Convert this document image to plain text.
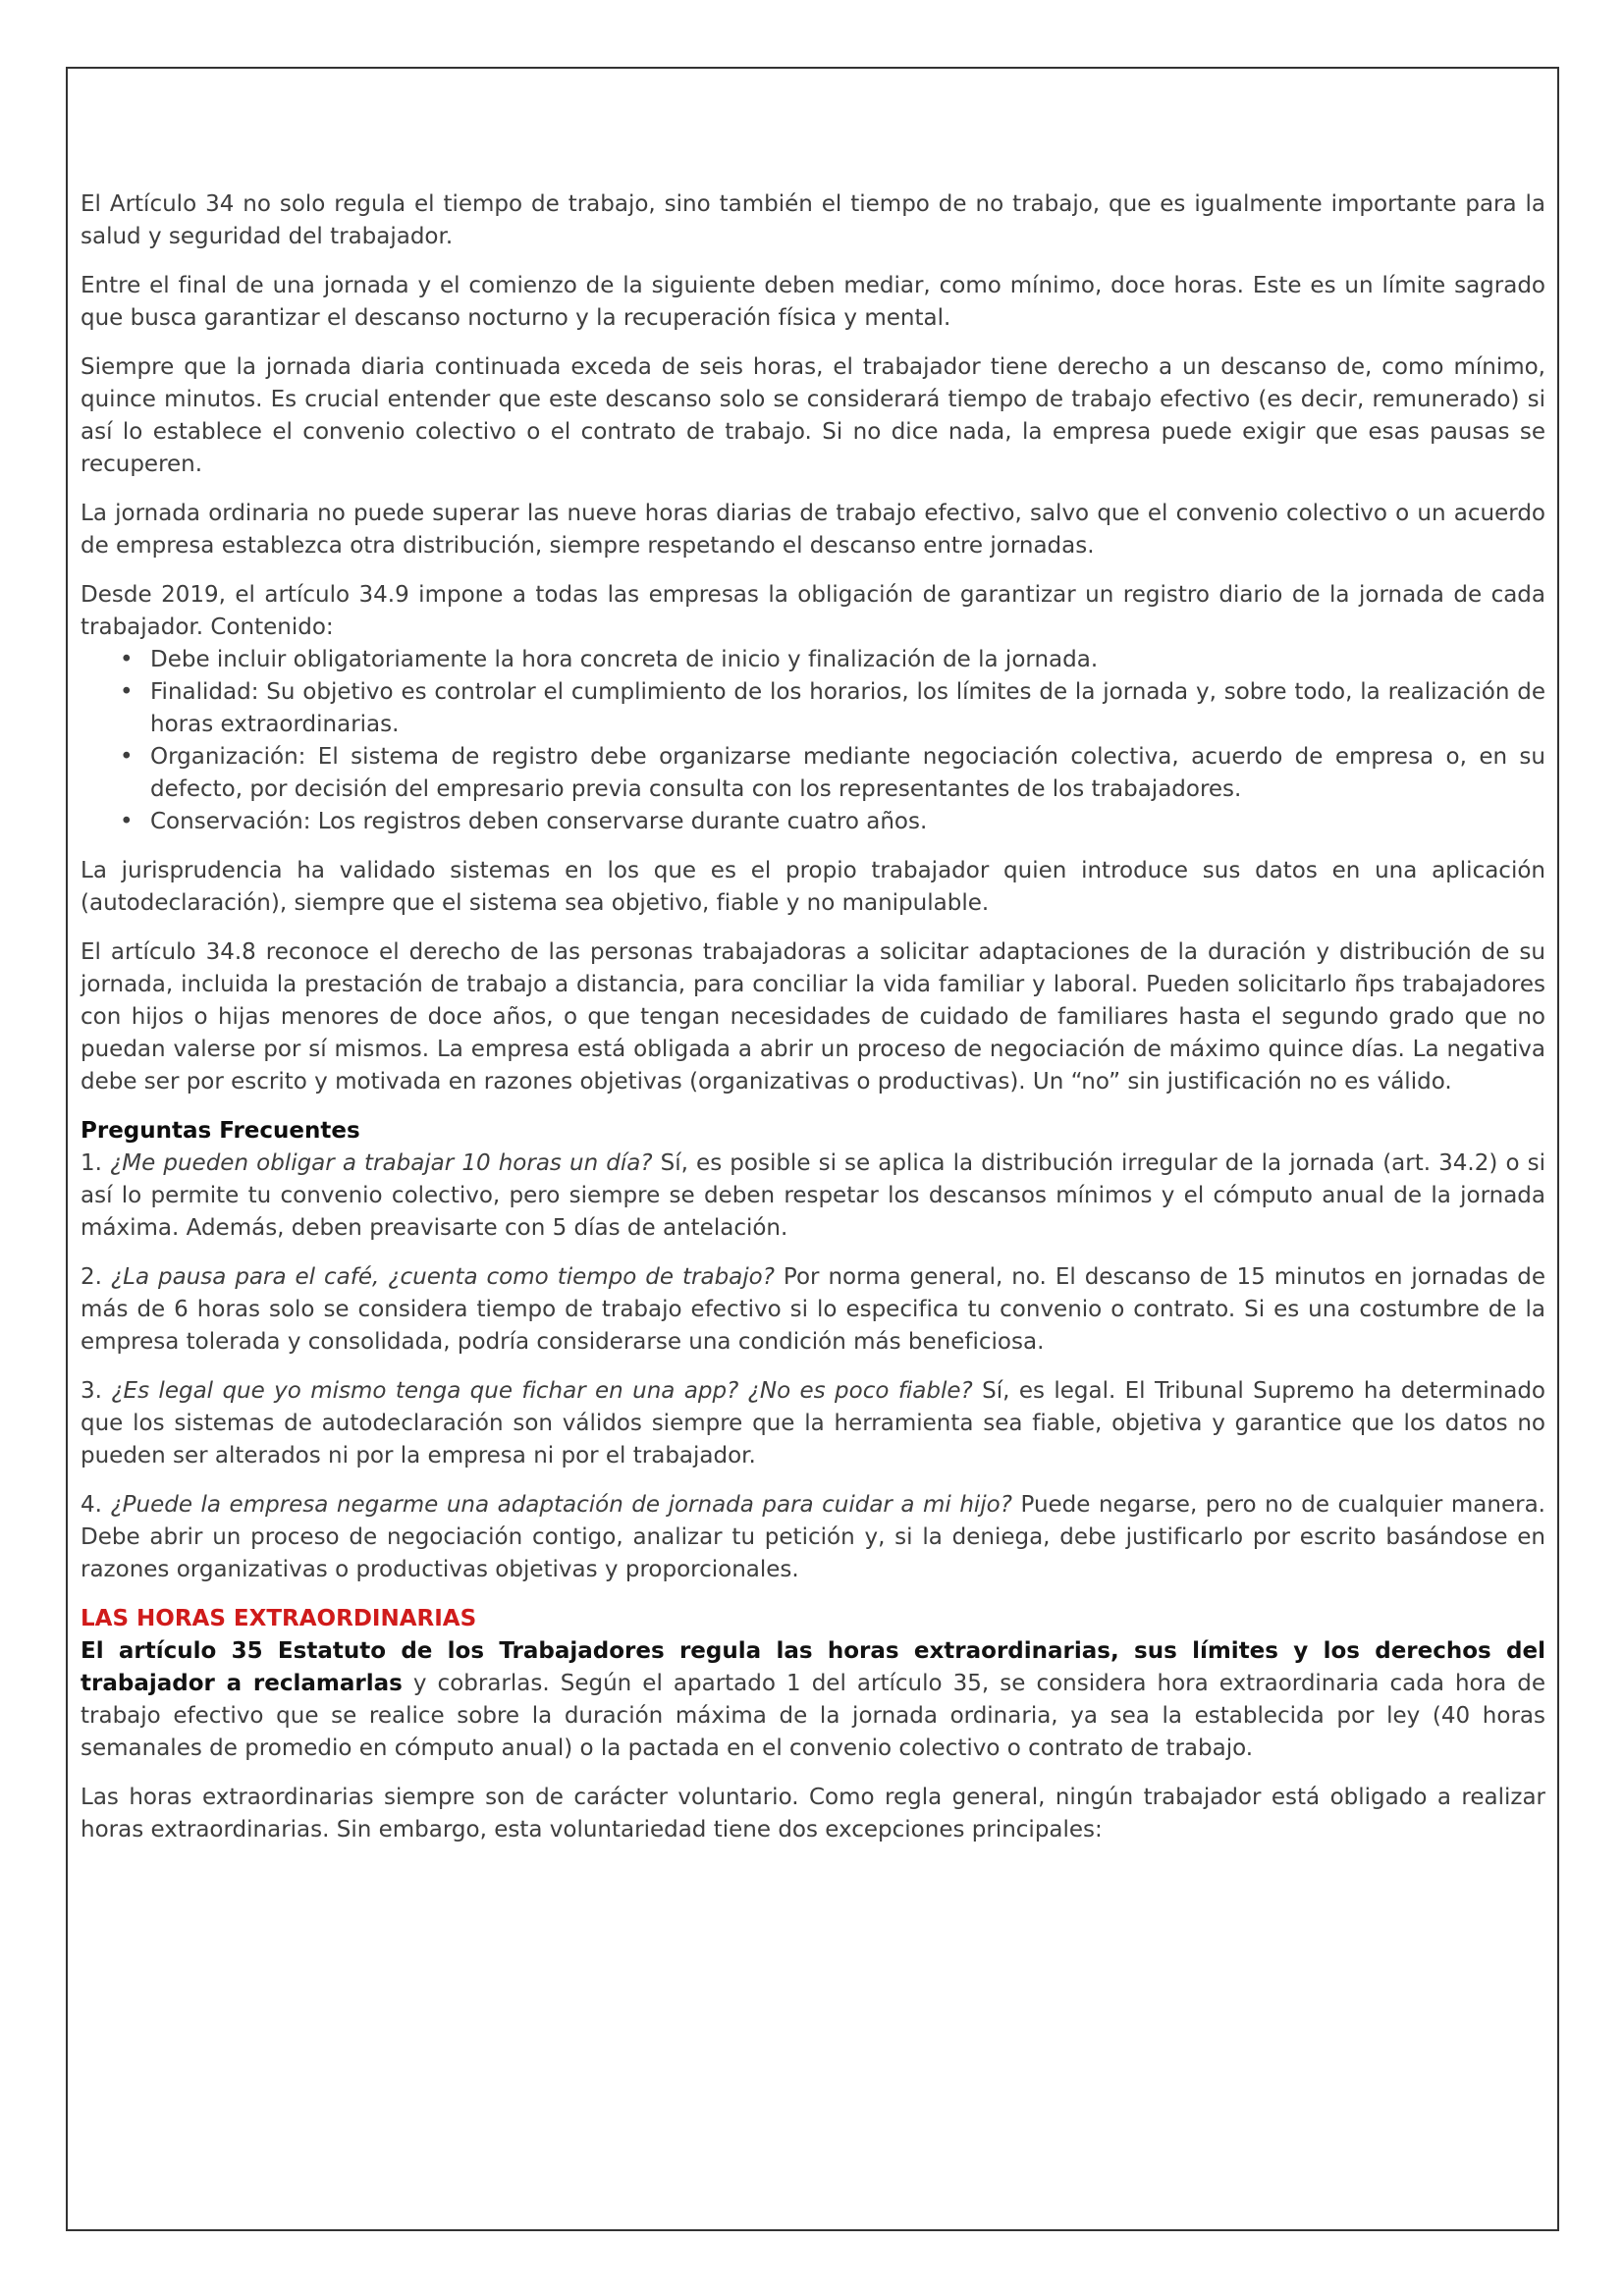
El Artículo 34 no solo regula el tiempo de trabajo, sino también el tiempo de no trabajo, que es igualmente importante para la salud y seguridad del trabajador.

Entre el final de una jornada y el comienzo de la siguiente deben mediar, como mínimo, doce horas. Este es un límite sagrado que busca garantizar el descanso nocturno y la recuperación física y mental.

Siempre que la jornada diaria continuada exceda de seis horas, el trabajador tiene derecho a un descanso de, como mínimo, quince minutos. Es crucial entender que este descanso solo se considerará tiempo de trabajo efectivo (es decir, remunerado) si así lo establece el convenio colectivo o el contrato de trabajo. Si no dice nada, la empresa puede exigir que esas pausas se recuperen.

La jornada ordinaria no puede superar las nueve horas diarias de trabajo efectivo, salvo que el convenio colectivo o un acuerdo de empresa establezca otra distribución, siempre respetando el descanso entre jornadas.

Desde 2019, el artículo 34.9 impone a todas las empresas la obligación de garantizar un registro diario de la jornada de cada trabajador. Contenido:

• Debe incluir obligatoriamente la hora concreta de inicio y finalización de la jornada.
• Finalidad: Su objetivo es controlar el cumplimiento de los horarios, los límites de la jornada y, sobre todo, la realización de horas extraordinarias.
• Organización: El sistema de registro debe organizarse mediante negociación colectiva, acuerdo de empresa o, en su defecto, por decisión del empresario previa consulta con los representantes de los trabajadores.
• Conservación: Los registros deben conservarse durante cuatro años.

La jurisprudencia ha validado sistemas en los que es el propio trabajador quien introduce sus datos en una aplicación (autodeclaración), siempre que el sistema sea objetivo, fiable y no manipulable.

El artículo 34.8 reconoce el derecho de las personas trabajadoras a solicitar adaptaciones de la duración y distribución de su jornada, incluida la prestación de trabajo a distancia, para conciliar la vida familiar y laboral. Pueden solicitarlo ñps trabajadores con hijos o hijas menores de doce años, o que tengan necesidades de cuidado de familiares hasta el segundo grado que no puedan valerse por sí mismos. La empresa está obligada a abrir un proceso de negociación de máximo quince días. La negativa debe ser por escrito y motivada en razones objetivas (organizativas o productivas). Un “no” sin justificación no es válido.

Preguntas Frecuentes

1. ¿Me pueden obligar a trabajar 10 horas un día? Sí, es posible si se aplica la distribución irregular de la jornada (art. 34.2) o si así lo permite tu convenio colectivo, pero siempre se deben respetar los descansos mínimos y el cómputo anual de la jornada máxima. Además, deben preavisarte con 5 días de antelación.

2. ¿La pausa para el café, ¿cuenta como tiempo de trabajo? Por norma general, no. El descanso de 15 minutos en jornadas de más de 6 horas solo se considera tiempo de trabajo efectivo si lo especifica tu convenio o contrato. Si es una costumbre de la empresa tolerada y consolidada, podría considerarse una condición más beneficiosa.

3. ¿Es legal que yo mismo tenga que fichar en una app? ¿No es poco fiable? Sí, es legal. El Tribunal Supremo ha determinado que los sistemas de autodeclaración son válidos siempre que la herramienta sea fiable, objetiva y garantice que los datos no pueden ser alterados ni por la empresa ni por el trabajador.

4. ¿Puede la empresa negarme una adaptación de jornada para cuidar a mi hijo? Puede negarse, pero no de cualquier manera. Debe abrir un proceso de negociación contigo, analizar tu petición y, si la deniega, debe justificarlo por escrito basándose en razones organizativas o productivas objetivas y proporcionales.

LAS HORAS EXTRAORDINARIAS

El artículo 35 Estatuto de los Trabajadores regula las horas extraordinarias, sus límites y los derechos del trabajador a reclamarlas y cobrarlas. Según el apartado 1 del artículo 35, se considera hora extraordinaria cada hora de trabajo efectivo que se realice sobre la duración máxima de la jornada ordinaria, ya sea la establecida por ley (40 horas semanales de promedio en cómputo anual) o la pactada en el convenio colectivo o contrato de trabajo.

Las horas extraordinarias siempre son de carácter voluntario. Como regla general, ningún trabajador está obligado a realizar horas extraordinarias. Sin embargo, esta voluntariedad tiene dos excepciones principales:
